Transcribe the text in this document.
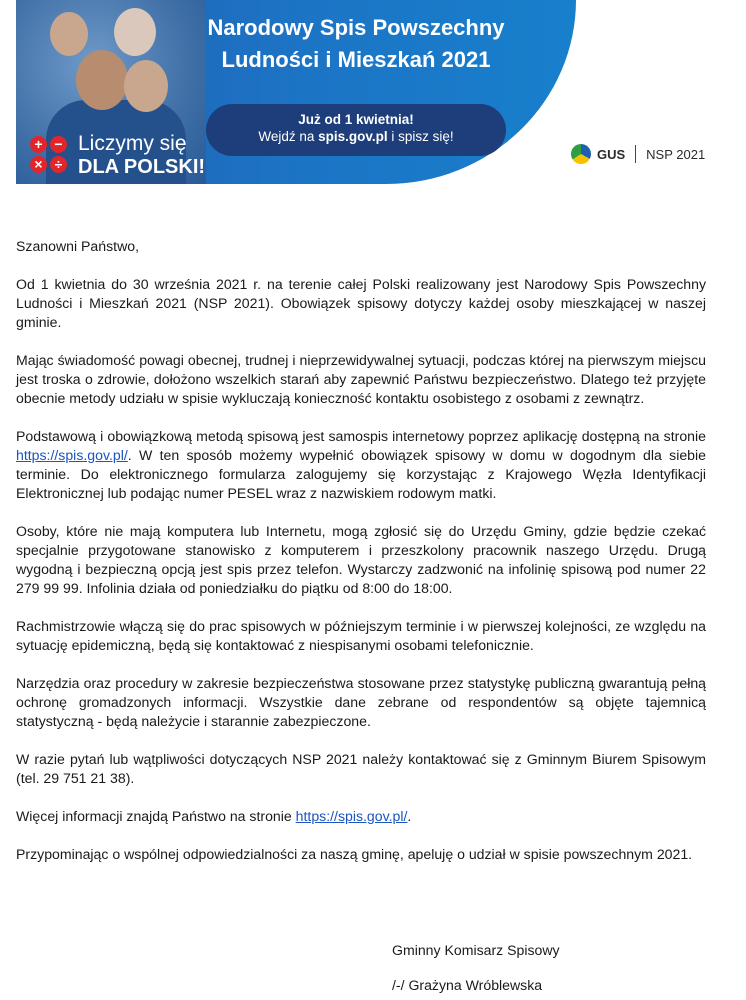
+ −
× ÷
Liczymy się
DLA POLSKI!
Narodowy Spis Powszechny
Ludności i Mieszkań 2021
Już od 1 kwietnia!
Wejdź na spis.gov.pl i spisz się!
GUS NSP 2021

Szanowni Państwo,

Od 1 kwietnia do 30 września 2021 r. na terenie całej Polski realizowany jest Narodowy Spis Powszechny Ludności i Mieszkań 2021 (NSP 2021). Obowiązek spisowy dotyczy każdej osoby mieszkającej w naszej gminie.

Mając świadomość powagi obecnej, trudnej i nieprzewidywalnej sytuacji, podczas której na pierwszym miejscu jest troska o zdrowie, dołożono wszelkich starań aby zapewnić Państwu bezpieczeństwo. Dlatego też przyjęte obecnie metody udziału w spisie wykluczają konieczność kontaktu osobistego z osobami z zewnątrz.

Podstawową i obowiązkową metodą spisową jest samospis internetowy poprzez aplikację dostępną na stronie https://spis.gov.pl/. W ten sposób możemy wypełnić obowiązek spisowy w domu w dogodnym dla siebie terminie. Do elektronicznego formularza zalogujemy się korzystając z Krajowego Węzła Identyfikacji Elektronicznej lub podając numer PESEL wraz z nazwiskiem rodowym matki.

Osoby, które nie mają komputera lub Internetu, mogą zgłosić się do Urzędu Gminy, gdzie będzie czekać specjalnie przygotowane stanowisko z komputerem i przeszkolony pracownik naszego Urzędu. Drugą wygodną i bezpieczną opcją jest spis przez telefon. Wystarczy zadzwonić na infolinię spisową pod numer 22 279 99 99. Infolinia działa od poniedziałku do piątku od 8:00 do 18:00.

Rachmistrzowie włączą się do prac spisowych w późniejszym terminie i w pierwszej kolejności, ze względu na sytuację epidemiczną, będą się kontaktować z niespisanymi osobami telefonicznie.

Narzędzia oraz procedury w zakresie bezpieczeństwa stosowane przez statystykę publiczną gwarantują pełną ochronę gromadzonych informacji. Wszystkie dane zebrane od respondentów są objęte tajemnicą statystyczną - będą należycie i starannie zabezpieczone.

W razie pytań lub wątpliwości dotyczących NSP 2021 należy kontaktować się z Gminnym Biurem Spisowym (tel. 29 751 21 38).

Więcej informacji znajdą Państwo na stronie https://spis.gov.pl/.

Przypominając o wspólnej odpowiedzialności za naszą gminę, apeluję o udział w spisie powszechnym 2021.

Gminny Komisarz Spisowy
/-/ Grażyna Wróblewska
